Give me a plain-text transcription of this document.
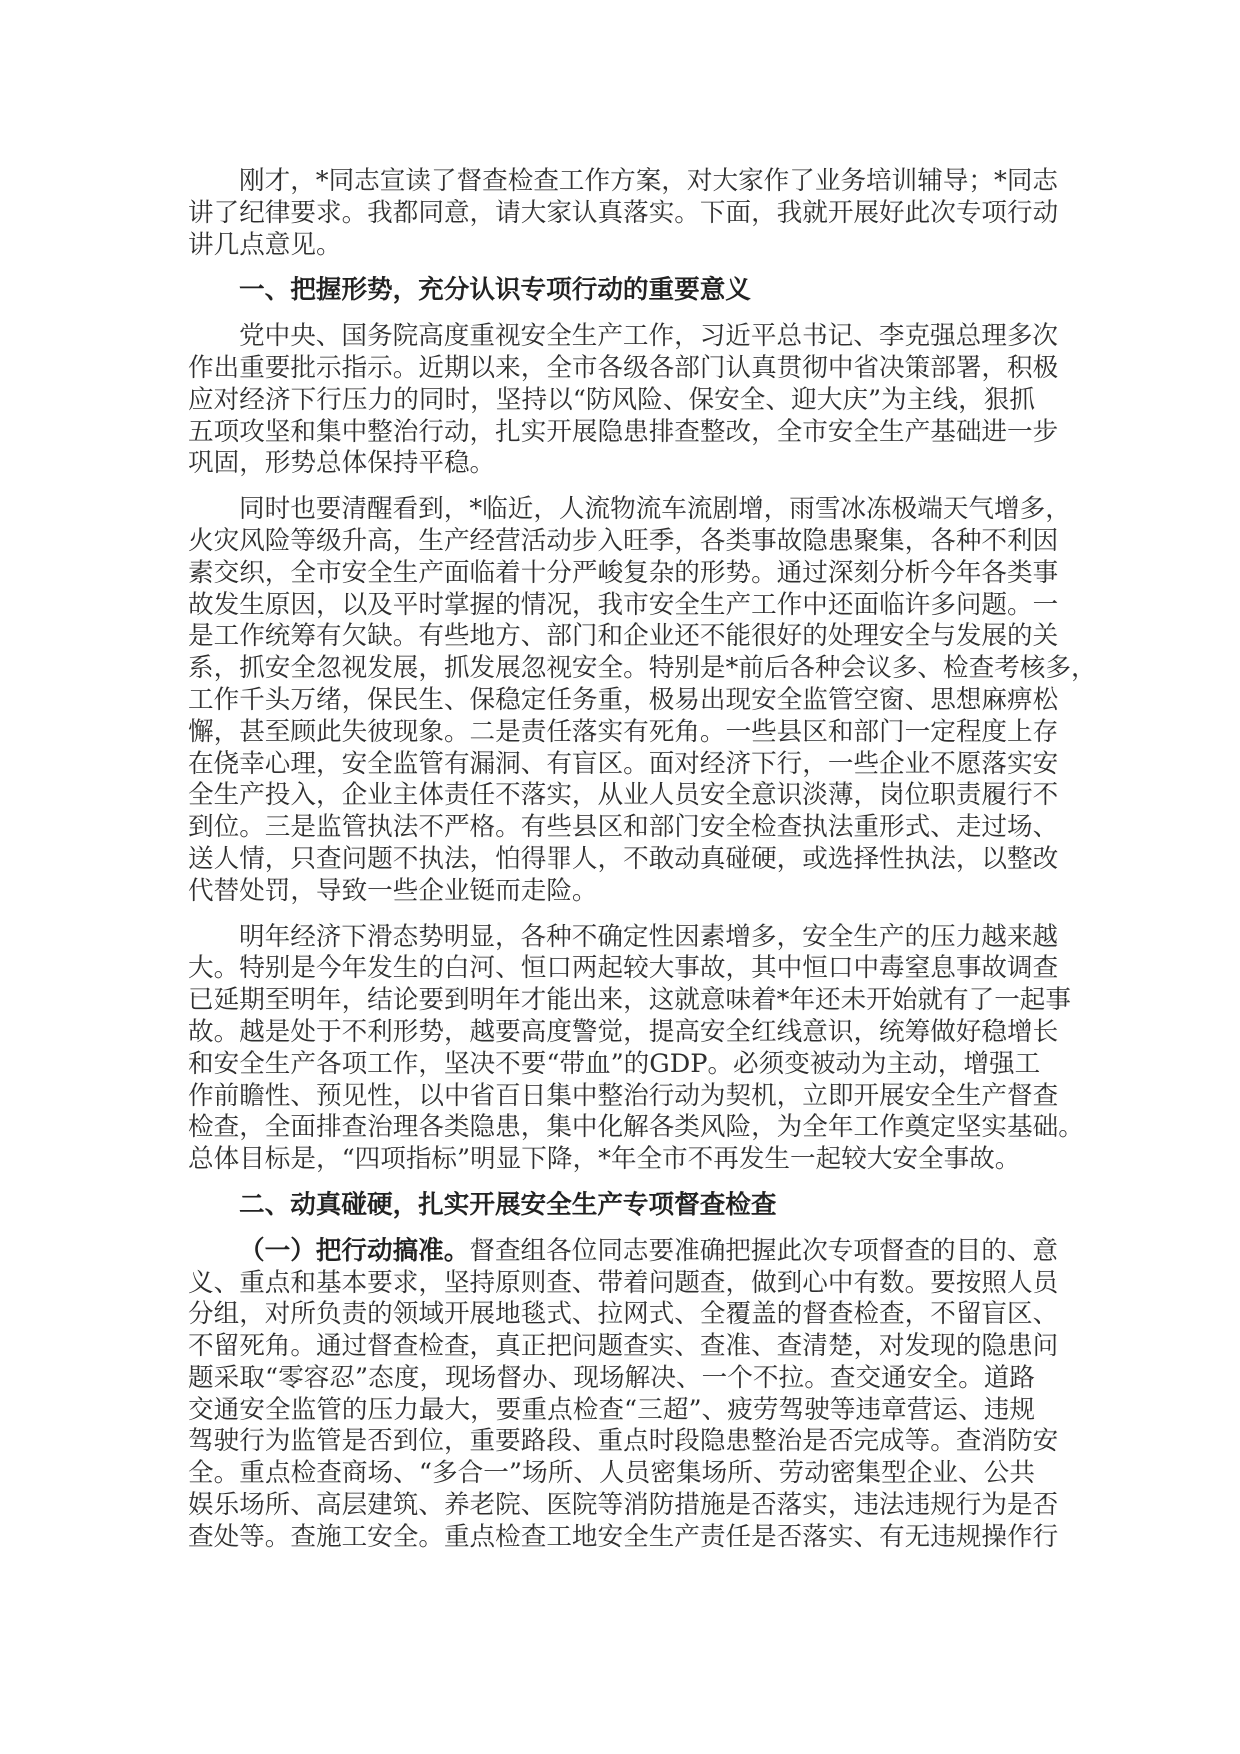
刚才，*同志宣读了督查检查工作方案，对大家作了业务培训辅导；*同志
讲了纪律要求。我都同意，请大家认真落实。下面，我就开展好此次专项行动
讲几点意见。
一、把握形势，充分认识专项行动的重要意义
党中央、国务院高度重视安全生产工作，习近平总书记、李克强总理多次
作出重要批示指示。近期以来，全市各级各部门认真贯彻中省决策部署，积极
应对经济下行压力的同时，坚持以“防风险、保安全、迎大庆”为主线，狠抓
五项攻坚和集中整治行动，扎实开展隐患排查整改，全市安全生产基础进一步
巩固，形势总体保持平稳。
同时也要清醒看到，*临近，人流物流车流剧增，雨雪冰冻极端天气增多，
火灾风险等级升高，生产经营活动步入旺季，各类事故隐患聚集，各种不利因
素交织，全市安全生产面临着十分严峻复杂的形势。通过深刻分析今年各类事
故发生原因，以及平时掌握的情况，我市安全生产工作中还面临许多问题。一
是工作统筹有欠缺。有些地方、部门和企业还不能很好的处理安全与发展的关
系，抓安全忽视发展，抓发展忽视安全。特别是*前后各种会议多、检查考核多，
工作千头万绪，保民生、保稳定任务重，极易出现安全监管空窗、思想麻痹松
懈，甚至顾此失彼现象。二是责任落实有死角。一些县区和部门一定程度上存
在侥幸心理，安全监管有漏洞、有盲区。面对经济下行，一些企业不愿落实安
全生产投入，企业主体责任不落实，从业人员安全意识淡薄，岗位职责履行不
到位。三是监管执法不严格。有些县区和部门安全检查执法重形式、走过场、
送人情，只查问题不执法，怕得罪人，不敢动真碰硬，或选择性执法，以整改
代替处罚，导致一些企业铤而走险。
明年经济下滑态势明显，各种不确定性因素增多，安全生产的压力越来越
大。特别是今年发生的白河、恒口两起较大事故，其中恒口中毒窒息事故调查
已延期至明年，结论要到明年才能出来，这就意味着*年还未开始就有了一起事
故。越是处于不利形势，越要高度警觉，提高安全红线意识，统筹做好稳增长
和安全生产各项工作，坚决不要“带血”的GDP。必须变被动为主动，增强工
作前瞻性、预见性，以中省百日集中整治行动为契机，立即开展安全生产督查
检查，全面排查治理各类隐患，集中化解各类风险，为全年工作奠定坚实基础。
总体目标是，“四项指标”明显下降，*年全市不再发生一起较大安全事故。
二、动真碰硬，扎实开展安全生产专项督查检查
（一）把行动搞准。督查组各位同志要准确把握此次专项督查的目的、意
义、重点和基本要求，坚持原则查、带着问题查，做到心中有数。要按照人员
分组，对所负责的领域开展地毯式、拉网式、全覆盖的督查检查，不留盲区、
不留死角。通过督查检查，真正把问题查实、查准、查清楚，对发现的隐患问
题采取“零容忍”态度，现场督办、现场解决、一个不拉。查交通安全。道路
交通安全监管的压力最大，要重点检查“三超”、疲劳驾驶等违章营运、违规
驾驶行为监管是否到位，重要路段、重点时段隐患整治是否完成等。查消防安
全。重点检查商场、“多合一”场所、人员密集场所、劳动密集型企业、公共
娱乐场所、高层建筑、养老院、医院等消防措施是否落实，违法违规行为是否
查处等。查施工安全。重点检查工地安全生产责任是否落实、有无违规操作行
